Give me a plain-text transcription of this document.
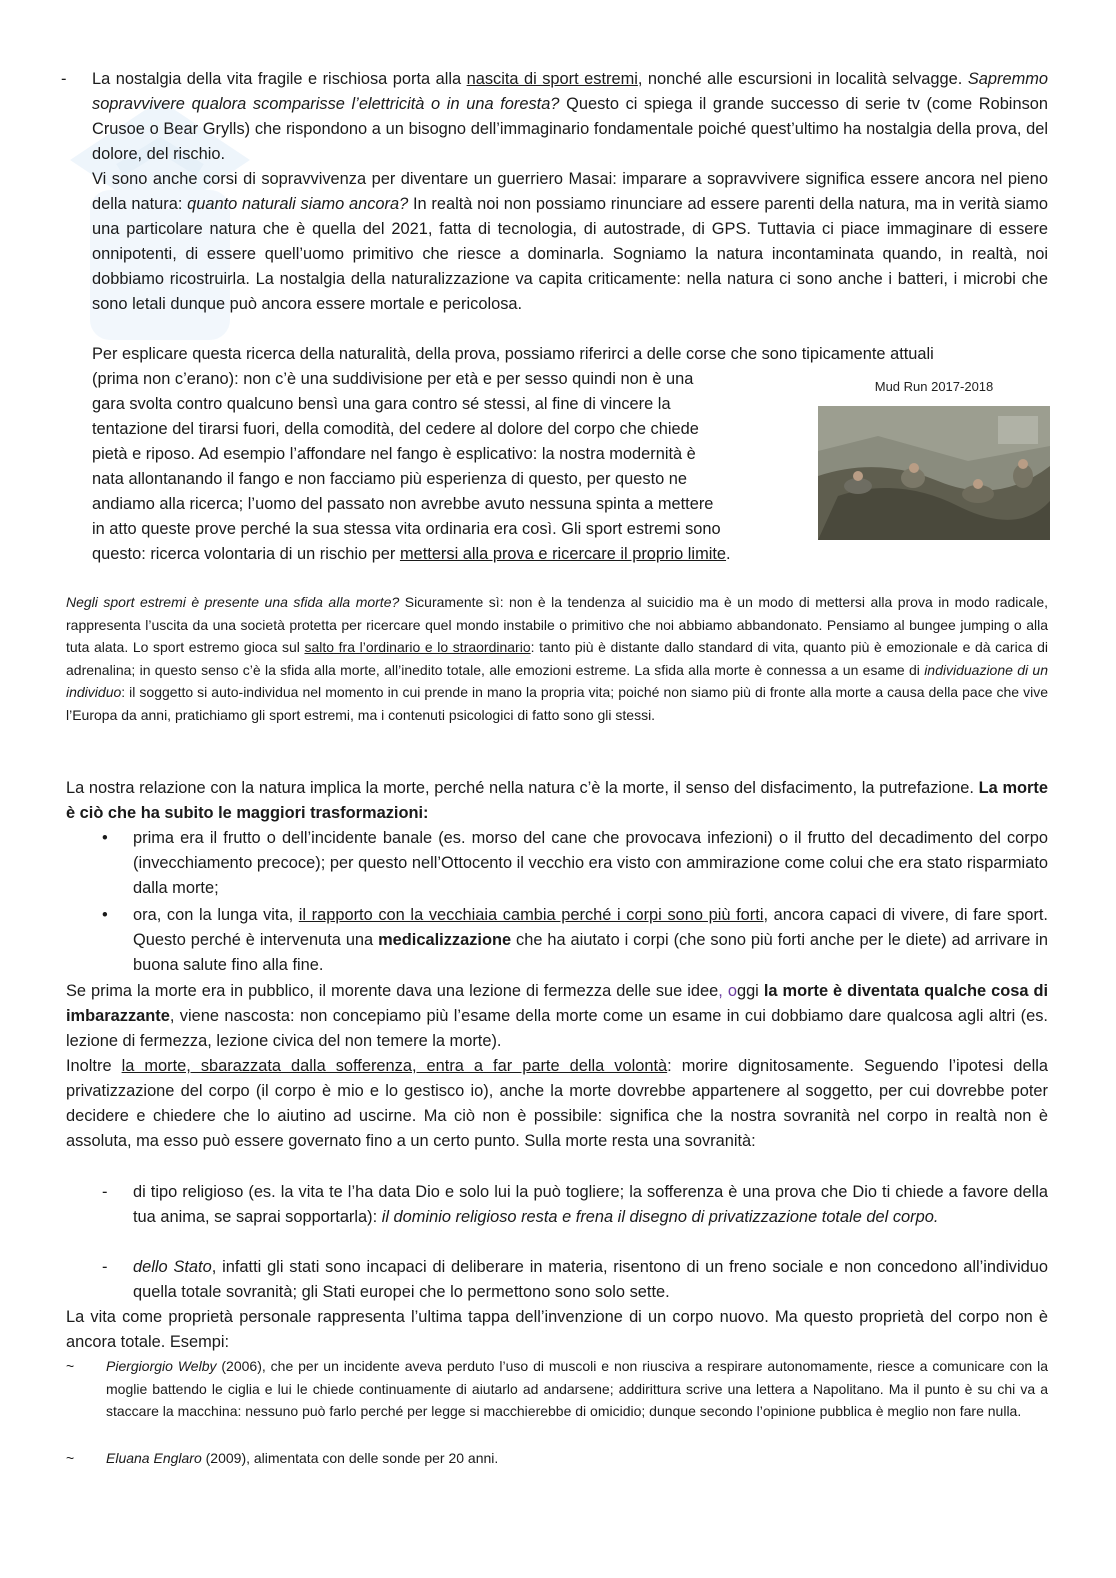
-	La nostalgia della vita fragile e rischiosa porta alla nascita di sport estremi, nonché alle escursioni in località selvagge. Sapremmo sopravvivere qualora scomparisse l’elettricità o in una foresta? Questo ci spiega il grande successo di serie tv (come Robinson Crusoe o Bear Grylls) che rispondono a un bisogno dell’immaginario fondamentale poiché quest’ultimo ha nostalgia della prova, del dolore, del rischio.
Vi sono anche corsi di sopravvivenza per diventare un guerriero Masai: imparare a sopravvivere significa essere ancora nel pieno della natura: quanto naturali siamo ancora? In realtà noi non possiamo rinunciare ad essere parenti della natura, ma in verità siamo una particolare natura che è quella del 2021, fatta di tecnologia, di autostrade, di GPS. Tuttavia ci piace immaginare di essere onnipotenti, di essere quell’uomo primitivo che riesce a dominarla. Sogniamo la natura incontaminata quando, in realtà, noi dobbiamo ricostruirla. La nostalgia della naturalizzazione va capita criticamente: nella natura ci sono anche i batteri, i microbi che sono letali dunque può ancora essere mortale e pericolosa.
Per esplicare questa ricerca della naturalità, della prova, possiamo riferirci a delle corse che sono tipicamente attuali
(prima non c’erano): non c’è una suddivisione per età e per sesso quindi non è una
gara svolta contro qualcuno bensì una gara contro sé stessi, al fine di vincere la
tentazione del tirarsi fuori, della comodità, del cedere al dolore del corpo che chiede
pietà e riposo. Ad esempio l’affondare nel fango è esplicativo: la nostra modernità è
nata allontanando il fango e non facciamo più esperienza di questo, per questo ne
andiamo alla ricerca; l’uomo del passato non avrebbe avuto nessuna spinta a mettere
in atto queste prove perché la sua stessa vita ordinaria era così. Gli sport estremi sono
questo: ricerca volontaria di un rischio per mettersi alla prova e ricercare il proprio limite.
Mud Run 2017-2018
Negli sport estremi è presente una sfida alla morte? Sicuramente sì: non è la tendenza al suicidio ma è un modo di mettersi alla prova in modo radicale, rappresenta l’uscita da una società protetta per ricercare quel mondo instabile o primitivo che noi abbiamo abbandonato. Pensiamo al bungee jumping o alla tuta alata. Lo sport estremo gioca sul salto fra l’ordinario e lo straordinario: tanto più è distante dallo standard di vita, quanto più è emozionale e dà carica di adrenalina; in questo senso c’è la sfida alla morte, all’inedito totale, alle emozioni estreme. La sfida alla morte è connessa a un esame di individuazione di un individuo: il soggetto si auto-individua nel momento in cui prende in mano la propria vita; poiché non siamo più di fronte alla morte a causa della pace che vive l’Europa da anni, pratichiamo gli sport estremi, ma i contenuti psicologici di fatto sono gli stessi.
La nostra relazione con la natura implica la morte, perché nella natura c’è la morte, il senso del disfacimento, la putrefazione. La morte è ciò che ha subito le maggiori trasformazioni:
• prima era il frutto o dell’incidente banale (es. morso del cane che provocava infezioni) o il frutto del decadimento del corpo (invecchiamento precoce); per questo nell’Ottocento il vecchio era visto con ammirazione come colui che era stato risparmiato dalla morte;
• ora, con la lunga vita, il rapporto con la vecchiaia cambia perché i corpi sono più forti, ancora capaci di vivere, di fare sport. Questo perché è intervenuta una medicalizzazione che ha aiutato i corpi (che sono più forti anche per le diete) ad arrivare in buona salute fino alla fine.
Se prima la morte era in pubblico, il morente dava una lezione di fermezza delle sue idee, oggi la morte è diventata qualche cosa di imbarazzante, viene nascosta: non concepiamo più l’esame della morte come un esame in cui dobbiamo dare qualcosa agli altri (es. lezione di fermezza, lezione civica del non temere la morte).
Inoltre la morte, sbarazzata dalla sofferenza, entra a far parte della volontà: morire dignitosamente. Seguendo l’ipotesi della privatizzazione del corpo (il corpo è mio e lo gestisco io), anche la morte dovrebbe appartenere al soggetto, per cui dovrebbe poter decidere e chiedere che lo aiutino ad uscirne. Ma ciò non è possibile: significa che la nostra sovranità nel corpo in realtà non è assoluta, ma esso può essere governato fino a un certo punto. Sulla morte resta una sovranità:
- di tipo religioso (es. la vita te l’ha data Dio e solo lui la può togliere; la sofferenza è una prova che Dio ti chiede a favore della tua anima, se saprai sopportarla): il dominio religioso resta e frena il disegno di privatizzazione totale del corpo.
- dello Stato, infatti gli stati sono incapaci di deliberare in materia, risentono di un freno sociale e non concedono all’individuo quella totale sovranità; gli Stati europei che lo permettono sono solo sette.
La vita come proprietà personale rappresenta l’ultima tappa dell’invenzione di un corpo nuovo. Ma questo proprietà del corpo non è ancora totale. Esempi:
~ Piergiorgio Welby (2006), che per un incidente aveva perduto l’uso di muscoli e non riusciva a respirare autonomamente, riesce a comunicare con la moglie battendo le ciglia e lui le chiede continuamente di aiutarlo ad andarsene; addirittura scrive una lettera a Napolitano. Ma il punto è su chi va a staccare la macchina: nessuno può farlo perché per legge si macchierebbe di omicidio; dunque secondo l’opinione pubblica è meglio non fare nulla.
~ Eluana Englaro (2009), alimentata con delle sonde per 20 anni.
